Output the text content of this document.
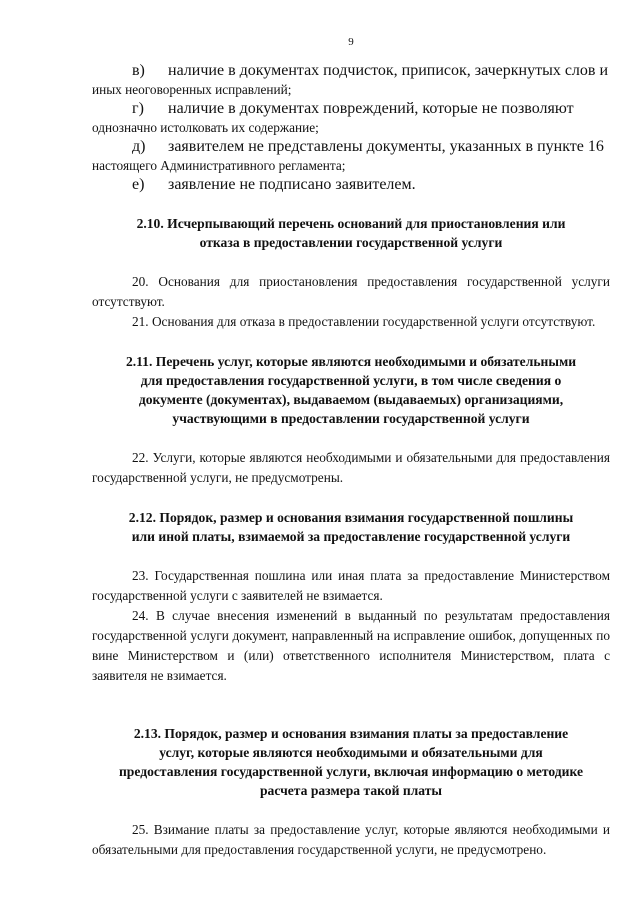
9
в)	наличие в документах подчисток, приписок, зачеркнутых слов и

иных неоговоренных исправлений;

г)	наличие в документах повреждений, которые не позволяют

однозначно истолковать их содержание;

д)	заявителем не представлены документы, указанных в пункте 16

настоящего Административного регламента;

е)	заявление не подписано заявителем.
2.10. Исчерпывающий перечень оснований для приостановления или
отказа в предоставлении государственной услуги

20. Основания для приостановления предоставления государственной услуги отсутствуют.

21. Основания для отказа в предоставлении государственной услуги отсутствуют.

2.11. Перечень услуг, которые являются необходимыми и обязательными
для предоставления государственной услуги, в том числе сведения о
документе (документах), выдаваемом (выдаваемых) организациями,
участвующими в предоставлении государственной услуги

22. Услуги, которые являются необходимыми и обязательными для предоставления государственной услуги, не предусмотрены.

2.12. Порядок, размер и основания взимания государственной пошлины
или иной платы, взимаемой за предоставление государственной услуги

23. Государственная пошлина или иная плата за предоставление Министерством государственной услуги с заявителей не взимается.

24. В случае внесения изменений в выданный по результатам предоставления государственной услуги документ, направленный на исправление ошибок, допущенных по вине Министерством и (или) ответственного исполнителя Министерством, плата с заявителя не взимается.

2.13. Порядок, размер и основания взимания платы за предоставление
услуг, которые являются необходимыми и обязательными для
предоставления государственной услуги, включая информацию о методике
расчета размера такой платы

25. Взимание платы за предоставление услуг, которые являются необходимыми и обязательными для предоставления государственной услуги, не предусмотрено.
